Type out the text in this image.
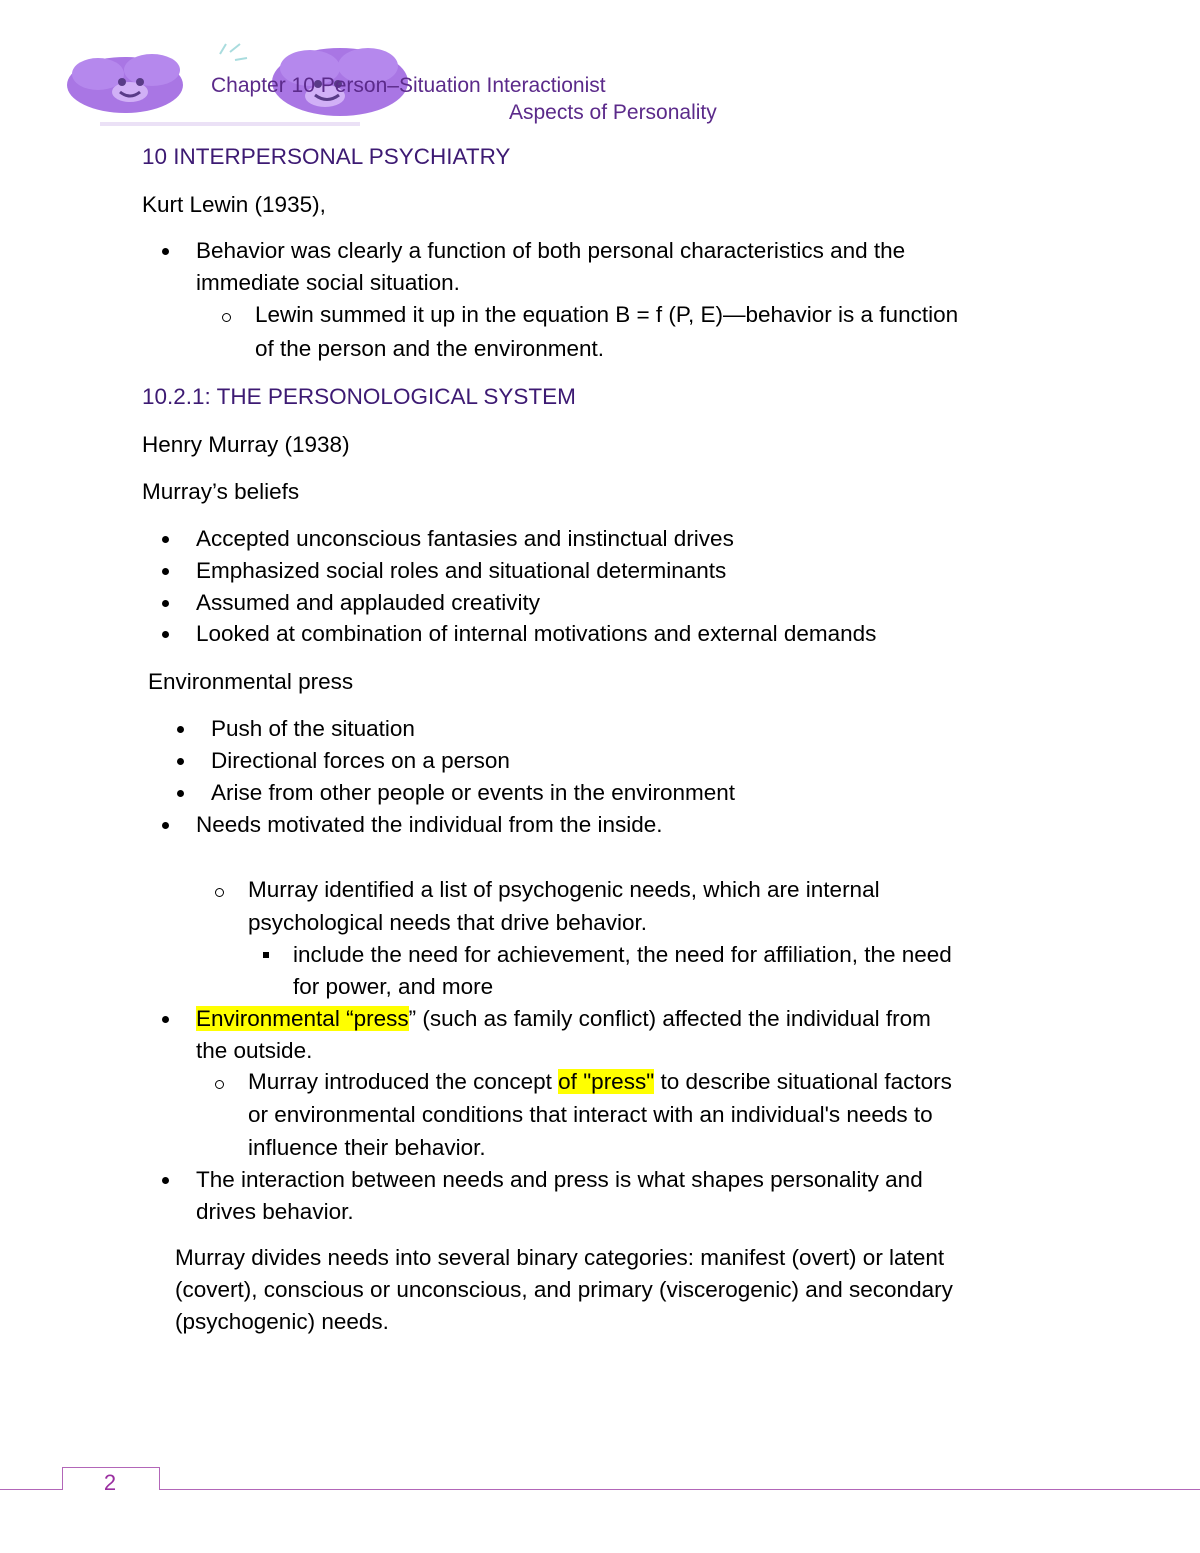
Chapter 10 Person–Situation Interactionist
Aspects of Personality
10 INTERPERSONAL PSYCHIATRY
Kurt Lewin (1935),
Behavior was clearly a function of both personal characteristics and the
immediate social situation.
Lewin summed it up in the equation B = f (P, E)—behavior is a function
of the person and the environment.
10.2.1: THE PERSONOLOGICAL SYSTEM
Henry Murray (1938)
Murray’s beliefs
Accepted unconscious fantasies and instinctual drives
Emphasized social roles and situational determinants
Assumed and applauded creativity
Looked at combination of internal motivations and external demands
Environmental press
Push of the situation
Directional forces on a person
Arise from other people or events in the environment
Needs motivated the individual from the inside.
Murray identified a list of psychogenic needs, which are internal
psychological needs that drive behavior.
include the need for achievement, the need for affiliation, the need
for power, and more
Environmental “press” (such as family conflict) affected the individual from
the outside.
Murray introduced the concept of "press" to describe situational factors
or environmental conditions that interact with an individual's needs to
influence their behavior.
The interaction between needs and press is what shapes personality and
drives behavior.
Murray divides needs into several binary categories: manifest (overt) or latent
(covert), conscious or unconscious, and primary (viscerogenic) and secondary
(psychogenic) needs.
2
